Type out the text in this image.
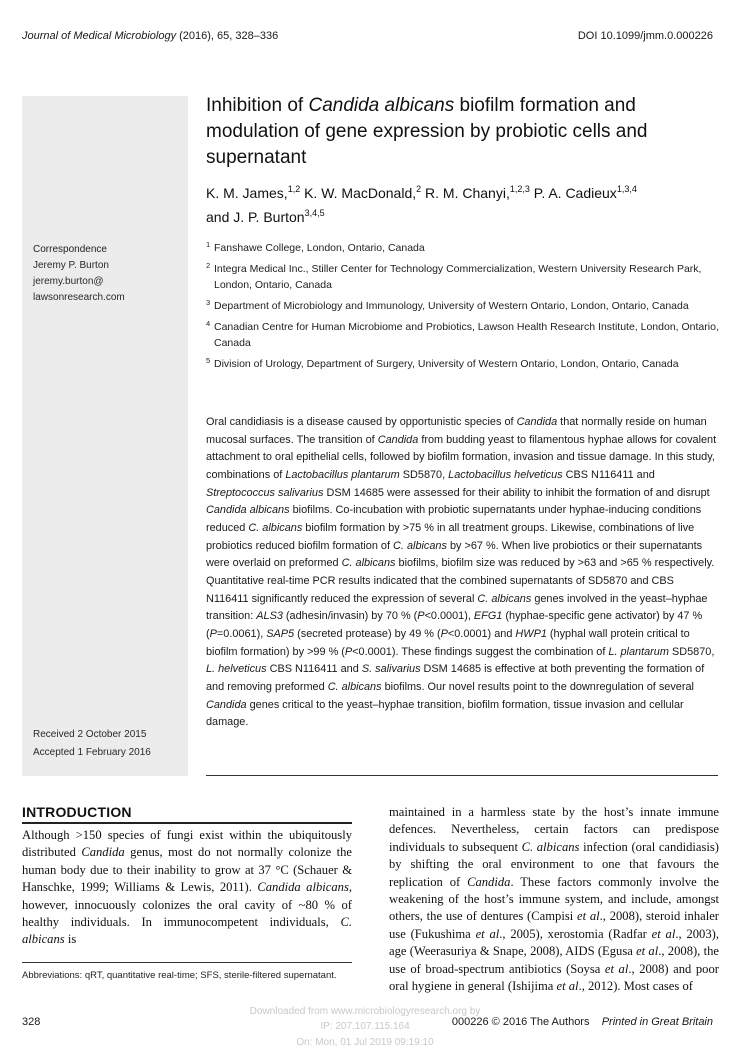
Journal of Medical Microbiology (2016), 65, 328–336	DOI 10.1099/jmm.0.000226
Correspondence
Jeremy P. Burton
jeremy.burton@
lawsonresearch.com
Received 2 October 2015
Accepted 1 February 2016
Inhibition of Candida albicans biofilm formation and modulation of gene expression by probiotic cells and supernatant
K. M. James,$^{1,2}$ K. W. MacDonald,$^2$ R. M. Chanyi,$^{1,2,3}$ P. A. Cadieux$^{1,3,4}$
and J. P. Burton$^{3,4,5}$
1 Fanshawe College, London, Ontario, Canada
2 Integra Medical Inc., Stiller Center for Technology Commercialization, Western University Research Park, London, Ontario, Canada
3 Department of Microbiology and Immunology, University of Western Ontario, London, Ontario, Canada
4 Canadian Centre for Human Microbiome and Probiotics, Lawson Health Research Institute, London, Ontario, Canada
5 Division of Urology, Department of Surgery, University of Western Ontario, London, Ontario, Canada
Oral candidiasis is a disease caused by opportunistic species of Candida that normally reside on human mucosal surfaces. The transition of Candida from budding yeast to filamentous hyphae allows for covalent attachment to oral epithelial cells, followed by biofilm formation, invasion and tissue damage. In this study, combinations of Lactobacillus plantarum SD5870, Lactobacillus helveticus CBS N116411 and Streptococcus salivarius DSM 14685 were assessed for their ability to inhibit the formation of and disrupt Candida albicans biofilms. Co-incubation with probiotic supernatants under hyphae-inducing conditions reduced C. albicans biofilm formation by >75 % in all treatment groups. Likewise, combinations of live probiotics reduced biofilm formation of C. albicans by >67 %. When live probiotics or their supernatants were overlaid on preformed C. albicans biofilms, biofilm size was reduced by >63 and >65 % respectively. Quantitative real-time PCR results indicated that the combined supernatants of SD5870 and CBS N116411 significantly reduced the expression of several C. albicans genes involved in the yeast–hyphae transition: ALS3 (adhesin/invasin) by 70 % (P<0.0001), EFG1 (hyphae-specific gene activator) by 47 % (P=0.0061), SAP5 (secreted protease) by 49 % (P<0.0001) and HWP1 (hyphal wall protein critical to biofilm formation) by >99 % (P<0.0001). These findings suggest the combination of L. plantarum SD5870, L. helveticus CBS N116411 and S. salivarius DSM 14685 is effective at both preventing the formation of and removing preformed C. albicans biofilms. Our novel results point to the downregulation of several Candida genes critical to the yeast–hyphae transition, biofilm formation, tissue invasion and cellular damage.
INTRODUCTION
Although >150 species of fungi exist within the ubiquitously distributed Candida genus, most do not normally colonize the human body due to their inability to grow at 37 °C (Schauer & Hanschke, 1999; Williams & Lewis, 2011). Candida albicans, however, innocuously colonizes the oral cavity of ~80 % of healthy individuals. In immunocompetent individuals, C. albicans is
maintained in a harmless state by the host’s innate immune defences. Nevertheless, certain factors can predispose individuals to subsequent C. albicans infection (oral candidiasis) by shifting the oral environment to one that favours the replication of Candida. These factors commonly involve the weakening of the host’s immune system, and include, amongst others, the use of dentures (Campisi et al., 2008), steroid inhaler use (Fukushima et al., 2005), xerostomia (Radfar et al., 2003), age (Weerasuriya & Snape, 2008), AIDS (Egusa et al., 2008), the use of broad-spectrum antibiotics (Soysa et al., 2008) and poor oral hygiene in general (Ishijima et al., 2012). Most cases of
Abbreviations: qRT, quantitative real-time; SFS, sterile-filtered supernatant.
328	000226 © 2016 The Authors Printed in Great Britain
Downloaded from www.microbiologyresearch.org by
IP: 207.107.115.164
On: Mon, 01 Jul 2019 09:19:10
